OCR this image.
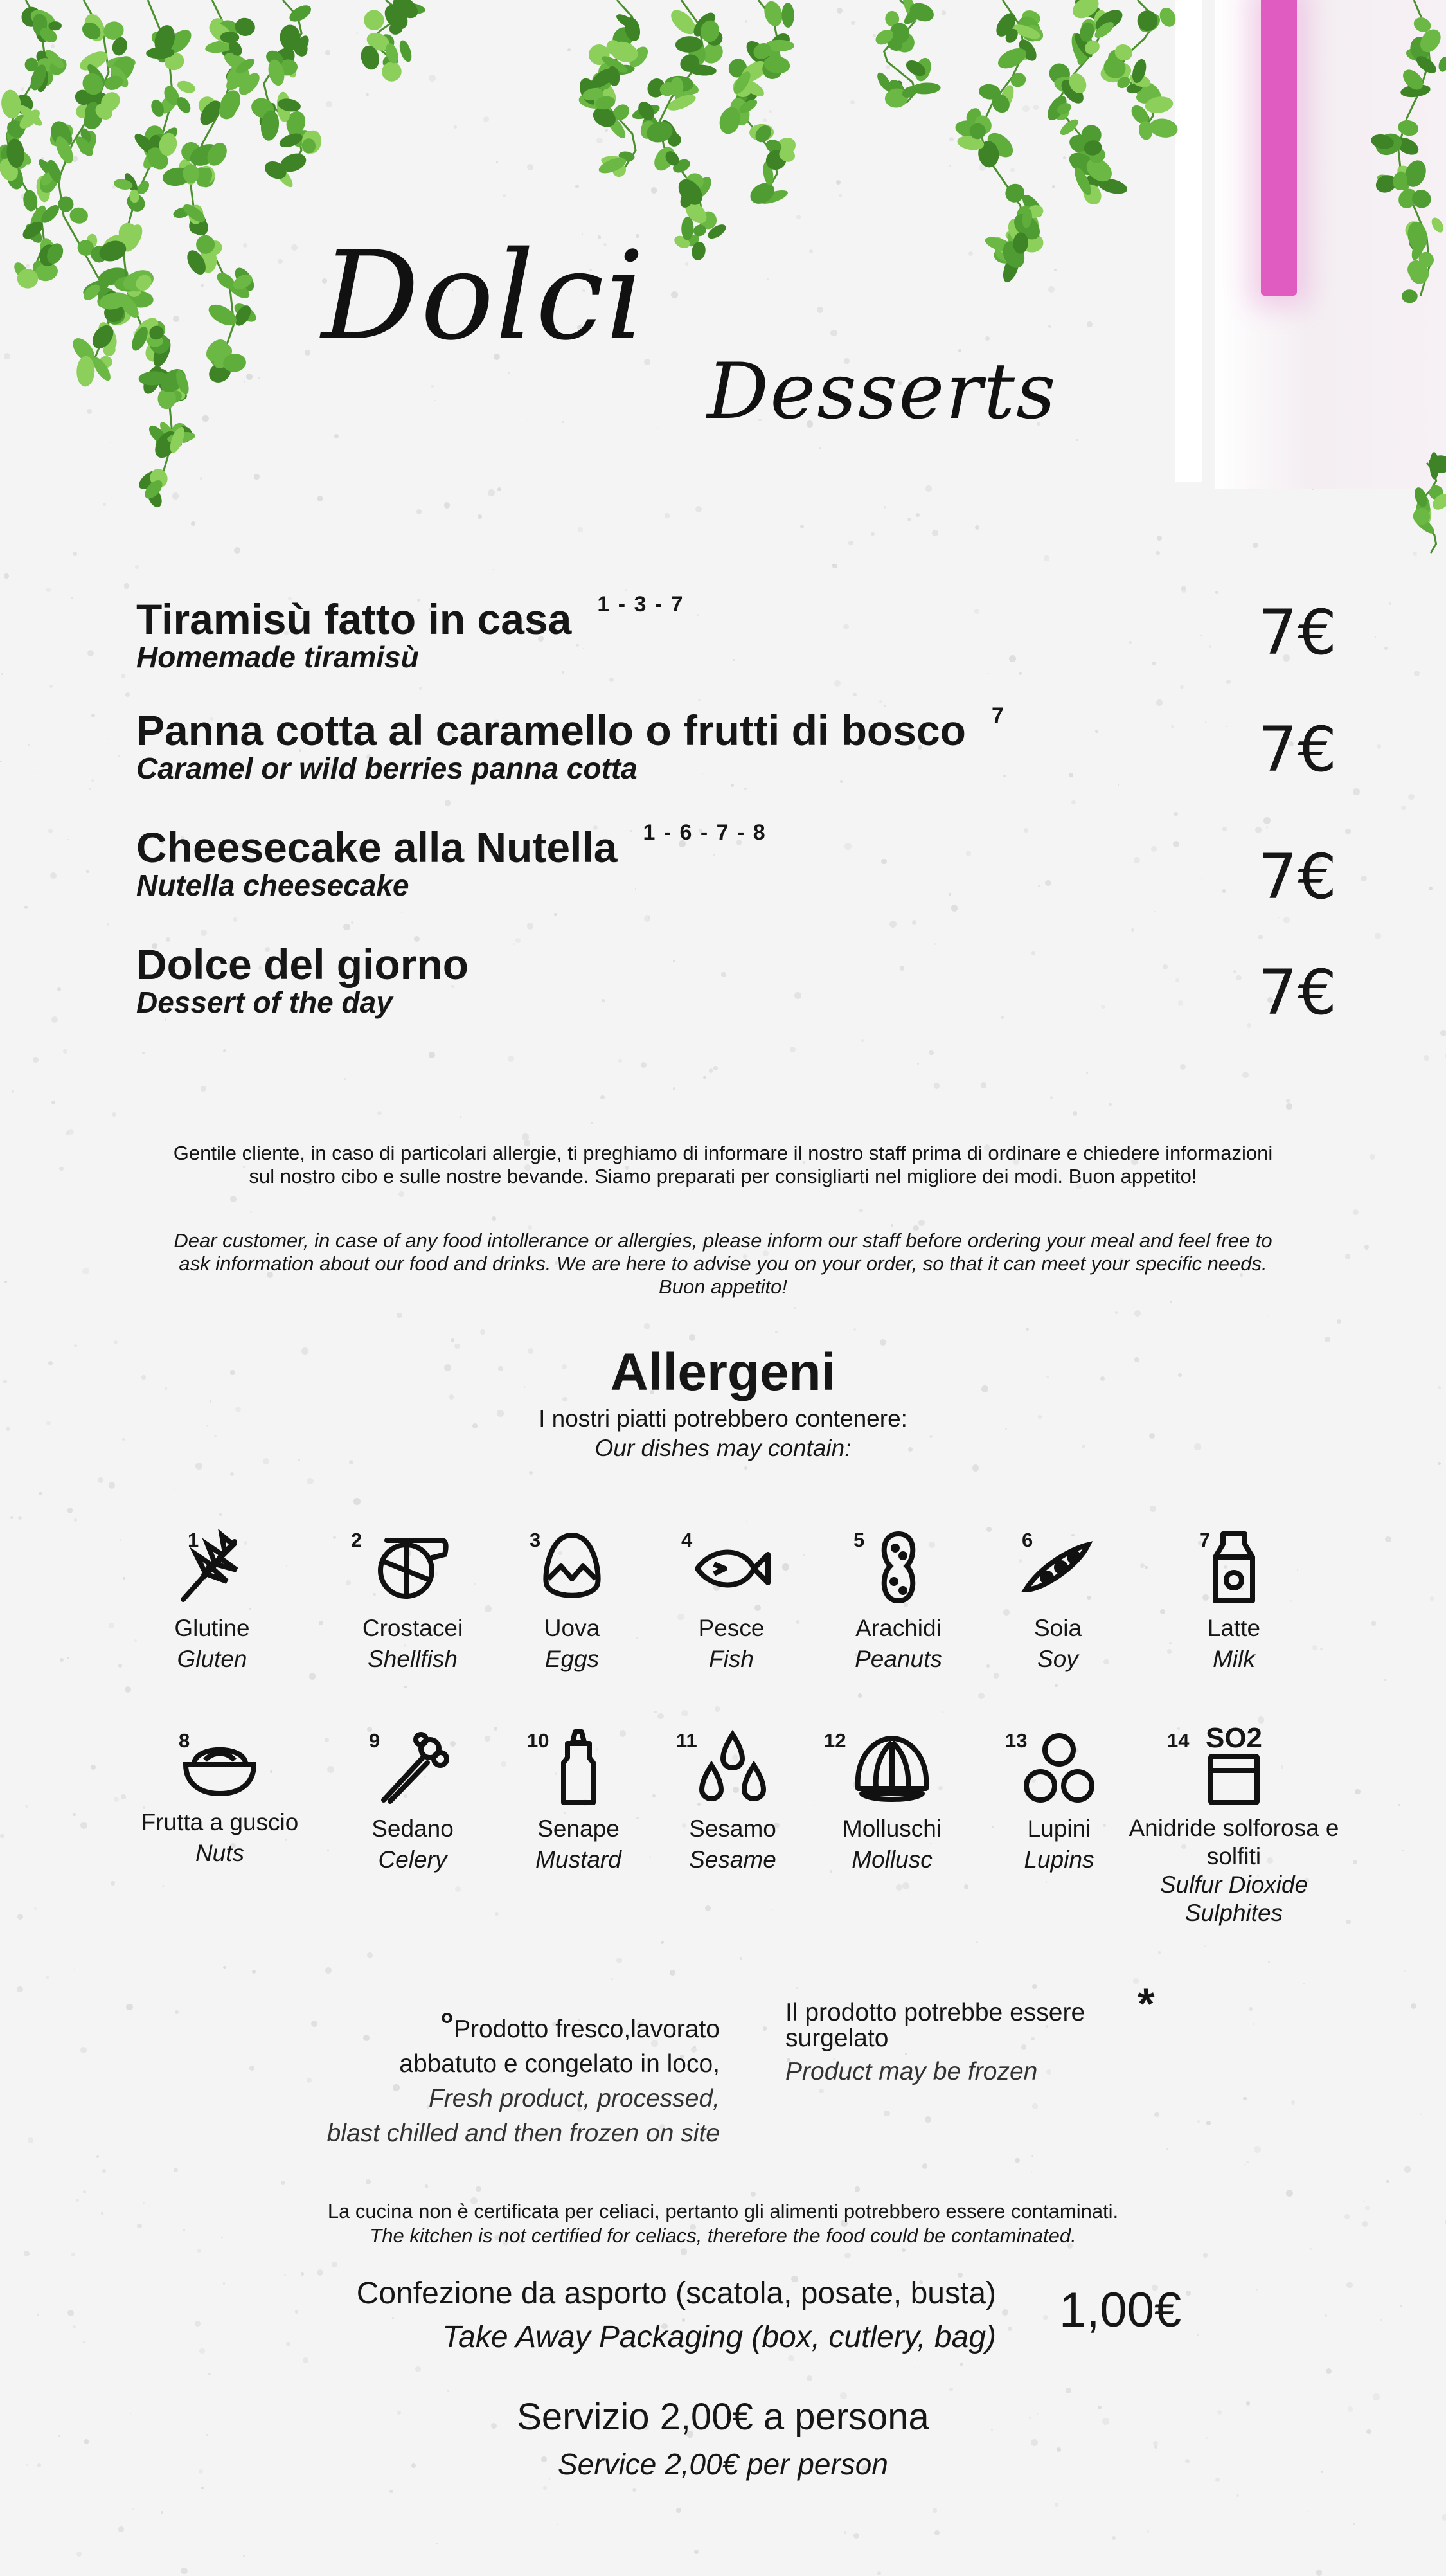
Dolci
Desserts
Tiramisù fatto in casa 1 - 3 - 7
Homemade tiramisù	7€
Panna cotta al caramello o frutti di bosco 7
Caramel or wild berries panna cotta	7€
Cheesecake alla Nutella 1 - 6 - 7 - 8
Nutella cheesecake	7€
Dolce del giorno
Dessert of the day	7€
Gentile cliente, in caso di particolari allergie, ti preghiamo di informare il nostro staff prima di ordinare e chiedere informazioni sul nostro cibo e sulle nostre bevande. Siamo preparati per consigliarti nel migliore dei modi. Buon appetito!
Dear customer, in case of any food intollerance or allergies, please inform our staff before ordering your meal and feel free to ask information about our food and drinks. We are here to advise you on your order, so that it can meet your specific needs. Buon appetito!
Allergeni
I nostri piatti potrebbero contenere:
Our dishes may contain:
1
Glutine
Gluten
2
Crostacei
Shellfish
3
Uova
Eggs
4
Pesce
Fish
5
Arachidi
Peanuts
6
Soia
Soy
7
Latte
Milk
8
Frutta a guscio
Nuts
9
Sedano
Celery
10
Senape
Mustard
11
Sesamo
Sesame
12
Molluschi
Mollusc
13
Lupini
Lupins
14 SO2
Anidride solforosa e solfiti
Sulfur Dioxide Sulphites
°Prodotto fresco,lavorato
abbatuto e congelato in loco,
Fresh product, processed,
blast chilled and then frozen on site
Il prodotto potrebbe essere *
surgelato
Product may be frozen
La cucina non è certificata per celiaci, pertanto gli alimenti potrebbero essere contaminati.
The kitchen is not certified for celiacs, therefore the food could be contaminated.
Confezione da asporto (scatola, posate, busta)
Take Away Packaging (box, cutlery, bag) 1,00€
Servizio 2,00€ a persona
Service 2,00€ per person
